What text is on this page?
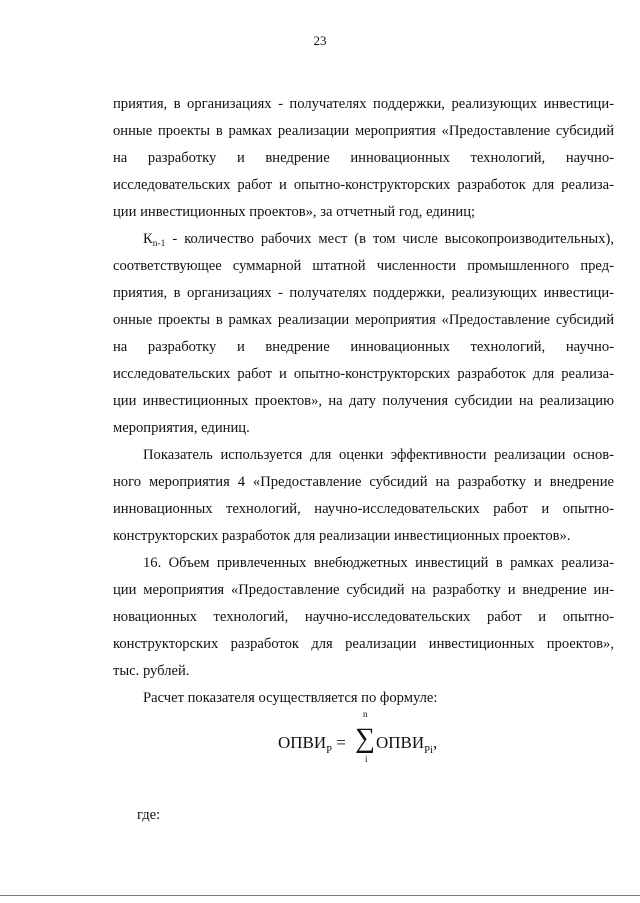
23
приятия, в организациях - получателях поддержки, реализующих инвестици-
онные проекты в рамках реализации мероприятия «Предоставление субсидий
на разработку и внедрение инновационных технологий, научно-
исследовательских работ и опытно-конструкторских разработок для реализа-
ции инвестиционных проектов», за отчетный год, единиц;
$К_{n-1}$ - количество рабочих мест (в том числе высокопроизводительных),
соответствующее суммарной штатной численности промышленного пред-
приятия, в организациях - получателях поддержки, реализующих инвестици-
онные проекты в рамках реализации мероприятия «Предоставление субсидий
на разработку и внедрение инновационных технологий, научно-
исследовательских работ и опытно-конструкторских разработок для реализа-
ции инвестиционных проектов», на дату получения субсидии на реализацию
мероприятия, единиц.
Показатель используется для оценки эффективности реализации основ-
ного мероприятия 4 «Предоставление субсидий на разработку и внедрение
инновационных технологий, научно-исследовательских работ и опытно-
конструкторских разработок для реализации инвестиционных проектов».
16. Объем привлеченных внебюджетных инвестиций в рамках реализа-
ции мероприятия «Предоставление субсидий на разработку и внедрение ин-
новационных технологий, научно-исследовательских работ и опытно-
конструкторских разработок для реализации инвестиционных проектов»,
тыс. рублей.
Расчет показателя осуществляется по формуле:
$ОПВИ_Р$ =
n
∑
i
$ОПВИ_{Рi}$,
где:
